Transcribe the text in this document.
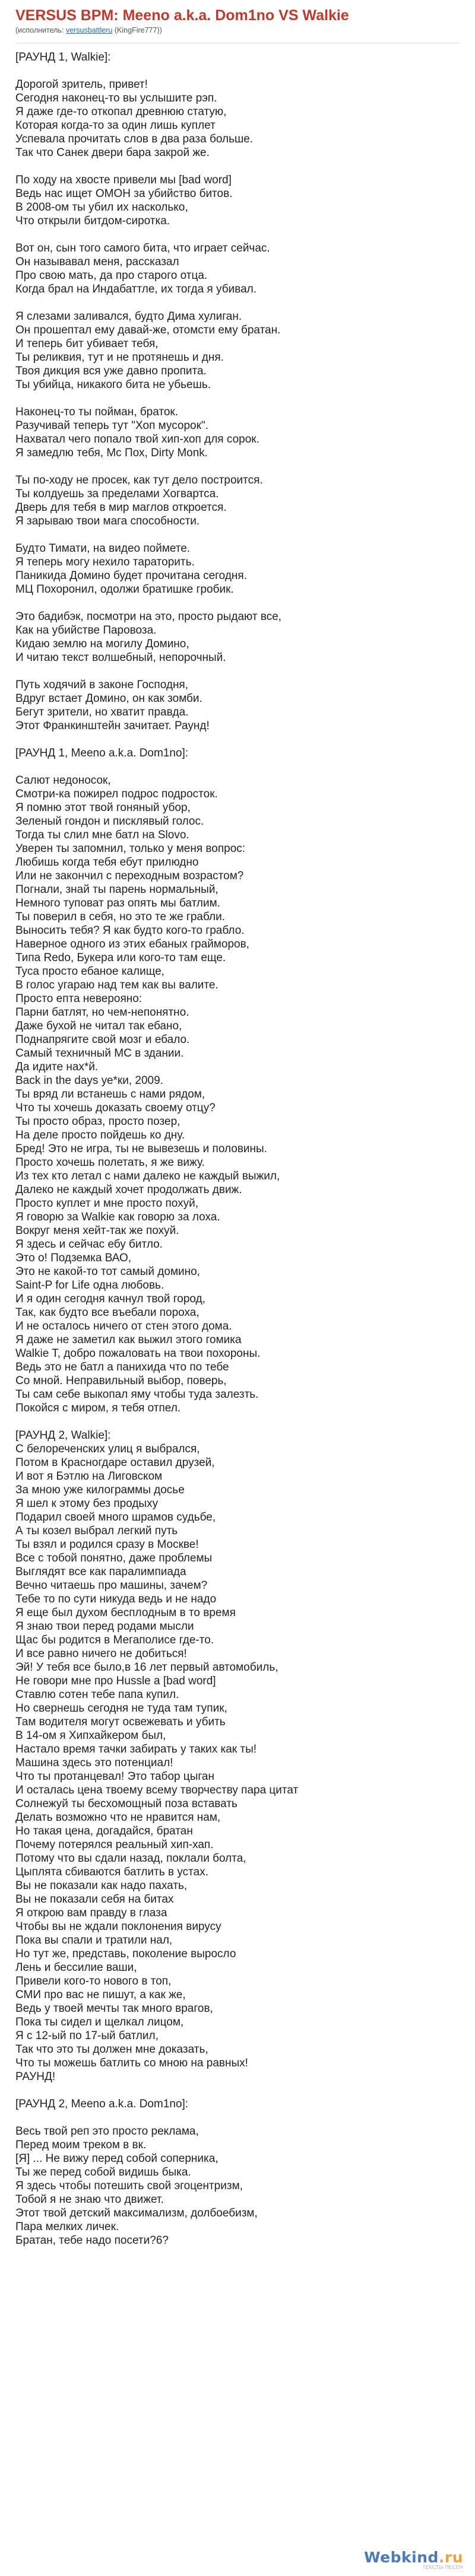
VERSUS BPM: Meeno a.k.a. Dom1no VS Walkie
(исполнитель: versusbattleru (KingFire777))
[РАУНД 1, Walkie]:
Дорогой зритель, привет!
Сегодня наконец-то вы услышите рэп.
Я даже где-то откопал древнюю статую,
Которая когда-то за один лишь куплет
Успевала прочитать слов в два раза больше.
Так что Санек двери бара закрой же.
По ходу на хвосте привели мы [bad word]
Ведь нас ищет ОМОН за убийство битов.
В 2008-ом ты убил их насколько,
Что открыли битдом-сиротка.
Вот он, сын того самого бита, что играет сейчас.
Он называвал меня, рассказал
Про свою мать, да про старого отца.
Когда брал на Индабаттле, их тогда я убивал.
Я слезами заливался, будто Дима хулиган.
Он прошептал ему давай-же, отомсти ему братан.
И теперь бит убивает тебя,
Ты реликвия, тут и не протянешь и дня.
Твоя дикция вся уже давно пропита.
Ты убийца, никакого бита не убьешь.
Наконец-то ты пойман, браток.
Разучивай теперь тут "Хоп мусорок".
Нахватал чего попало твой хип-хоп для сорок.
Я замедлю тебя, Mc Пох, Dirty Monk.
Ты по-ходу не просек, как тут дело построится.
Ты колдуешь за пределами Хогвартса.
Дверь для тебя в мир маглов откроется.
Я зарываю твои мага способности.
Будто Тимати, на видео поймете.
Я теперь могу нехило тараторить.
Паникида Домино будет прочитана сегодня.
МЦ Похоронил, одолжи братишке гробик.
Это бадибэк, посмотри на это, просто рыдают все,
Как на убийстве Паровоза.
Кидаю землю на могилу Домино,
И читаю текст волшебный, непорочный.
Путь ходячий в законе Господня,
Вдруг встает Домино, он как зомби.
Бегут зрители, но хватит правда.
Этот Франкинштейн зачитает. Раунд!
[РАУНД 1, Meeno a.k.a. Dom1no]:
Салют недоносок,
Смотри-ка пожирел подрос подросток.
Я помню этот твой гоняный убор,
Зеленый гондон и писклявый голос.
Тогда ты слил мне батл на Slovo.
Уверен ты запомнил, только у меня вопрос:
Любишь когда тебя ебут прилюдно
Или не закончил с переходным возрастом?
Погнали, знай ты парень нормальный,
Немного туповат раз опять мы батлим.
Ты поверил в себя, но это те же грабли.
Выносить тебя? Я как будто кого-то грабло.
Наверное одного из этих ебаных грайморов,
Типа Redo, Букера или кого-то там еще.
Туса просто ебаное калище,
В голос угараю над тем как вы валите.
Просто епта неверояно:
Парни батлят, но чем-непонятно.
Даже бухой не читал так ебано,
Поднапрягите свой мозг и ебало.
Самый техничный МС в здании.
Да идите нах*й.
Back in the days уе*ки, 2009.
Ты вряд ли встанешь с нами рядом,
Что ты хочешь доказать своему отцу?
Ты просто образ, просто позер,
На деле просто пойдешь ко дну.
Бред! Это не игра, ты не вывезешь и половины.
Просто хочешь полетать, я же вижу.
Из тех кто летал с нами далеко не каждый выжил,
Далеко не каждый хочет продолжать движ.
Просто куплет и мне просто похуй,
Я говорю за Walkie как говорю за лоха.
Вокруг меня хейт-так же похуй.
Я здесь и сейчас ебу битло.
Это о! Подземка ВАО,
Это не какой-то тот самый домино,
Saint-P for Life одна любовь.
И я один сегодня качнул твой город,
Так, как будто все въебали пороха,
И не осталось ничего от стен этого дома.
Я даже не заметил как выжил этого гомика
Walkie T, добро пожаловать на твои похороны.
Ведь это не батл а панихида что по тебе
Со мной. Неправильный выбор, поверь,
Ты сам себе выкопал яму чтобы туда залезть.
Покойся с миром, я тебя отпел.
[РАУНД 2, Walkie]:
С белореченских улиц я выбрался,
Потом в Красногдаре оставил друзей,
И вот я Бэтлю на Лиговском
За мною уже килограммы досье
Я шел к этому без продыху
Подарил своей много шрамов судьбе,
А ты козел выбрал легкий путь
Ты взял и родился сразу в Москве!
Все с тобой понятно, даже проблемы
Выглядят все как паралимпиада
Вечно читаешь про машины, зачем?
Тебе то по сути никуда ведь и не надо
Я еще был духом бесплодным в то время
Я знаю твои перед родами мысли
Щас бы родится в Мегаполисе где-то.
И все равно ничего не добиться!
Эй! У тебя все было,в 16 лет первый автомобиль,
Не говори мне про Hussle a [bad word]
Ставлю сотен тебе папа купил.
Но свернешь сегодня не туда там тупик,
Там водителя могут освежевать и убить
В 14-ом я Хипхайкером был,
Настало время тачки забирать у таких как ты!
Машина здесь это потенциал!
Что ты протанцевал! Это табор цыган
И осталась цена твоему всему творчеству пара цитат
Солнежуй ты бесхомощный поза вставать
Делать возможно что не нравится нам,
Но такая цена, догадайся, братан
Почему потерялся реальный хип-хап.
Потому что вы сдали назад, поклали болта,
Цыплята сбиваются батлить в устах.
Вы не показали как надо пахать,
Вы не показали себя на битах
Я открою вам правду в глаза
Чтобы вы не ждали поклонения вирусу
Пока вы спали и тратили нал,
Но тут же, представь, поколение выросло
Лень и бессилие ваши,
Привели кого-то нового в топ,
СМИ про вас не пишут, а как же,
Ведь у твоей мечты так много врагов,
Пока ты сидел и щелкал лицом,
Я с 12-ый по 17-ый батлил,
Так что это ты должен мне доказать,
Что ты можешь батлить со мною на равных!
РАУНД!
[РАУНД 2, Meeno a.k.a. Dom1no]:
Весь твой реп это просто реклама,
Перед моим треком в вк.
[Я] ... Не вижу перед собой соперника,
Ты же перед собой видишь быка.
Я здесь чтобы потешить свой эгоцентризм,
Тобой я не знаю что движет.
Этот твой детский максимализм, долбоебизм,
Пара мелких личек.
Братан, тебе надо посети?6?
Webkind.ru
ТЕКСТЫ ПЕСЕН
